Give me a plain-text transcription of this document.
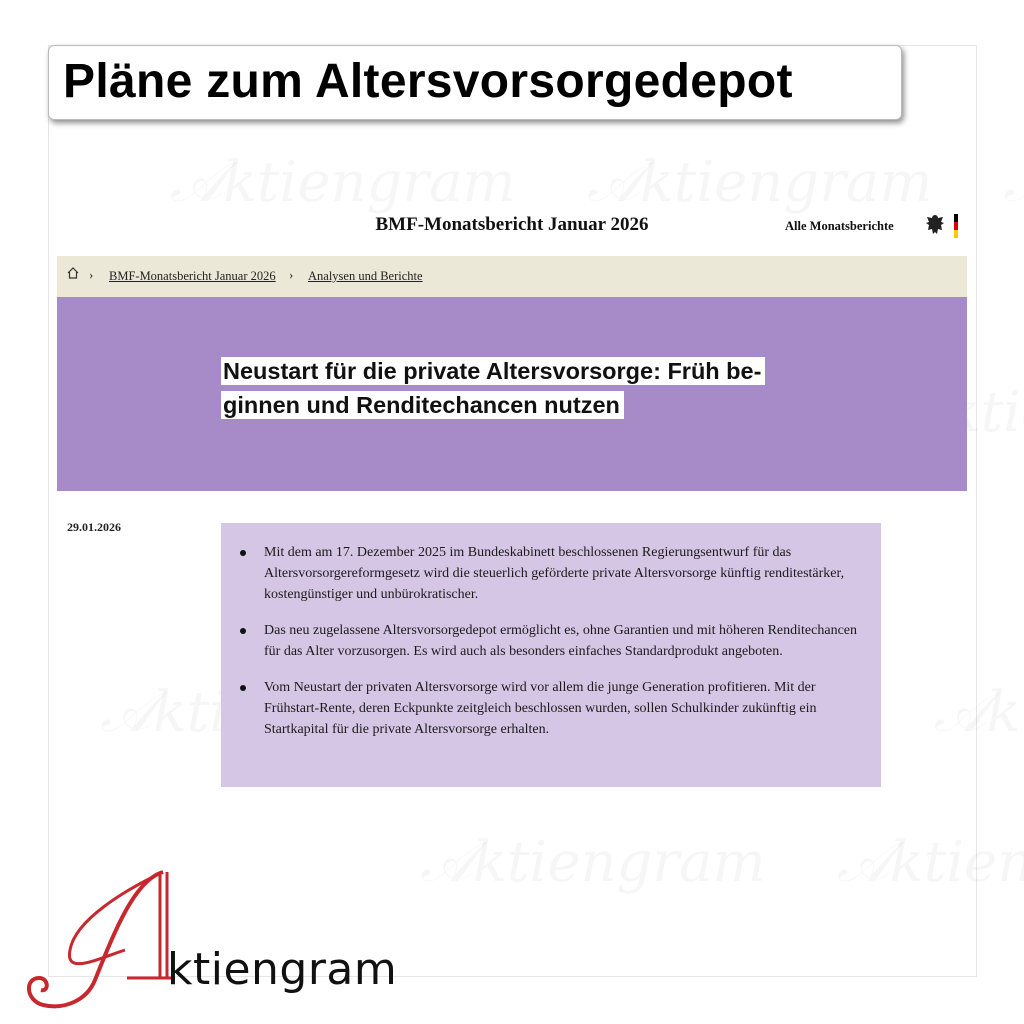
Pläne zum Altersvorsorgedepot
BMF-Monatsbericht Januar 2026	Alle Monatsberichte
› BMF-Monatsbericht Januar 2026 › Analysen und Berichte
Neustart für die private Altersvorsorge: Früh be-ginnen und Renditechancen nutzen
29.01.2026
Mit dem am 17. Dezember 2025 im Bundeskabinett beschlossenen Regierungsentwurf für das Altersvorsorgereformgesetz wird die steuerlich geförderte private Altersvorsorge künftig renditestärker, kostengünstiger und unbürokratischer.
Das neu zugelassene Altersvorsorgedepot ermöglicht es, ohne Garantien und mit höheren Renditechancen für das Alter vorzusorgen. Es wird auch als besonders einfaches Standardprodukt angeboten.
Vom Neustart der privaten Altersvorsorge wird vor allem die junge Generation profitieren. Mit der Frühstart-Rente, deren Eckpunkte zeitgleich beschlossen wurden, sollen Schulkinder zukünftig ein Startkapital für die private Altersvorsorge erhalten.
ktiengram
